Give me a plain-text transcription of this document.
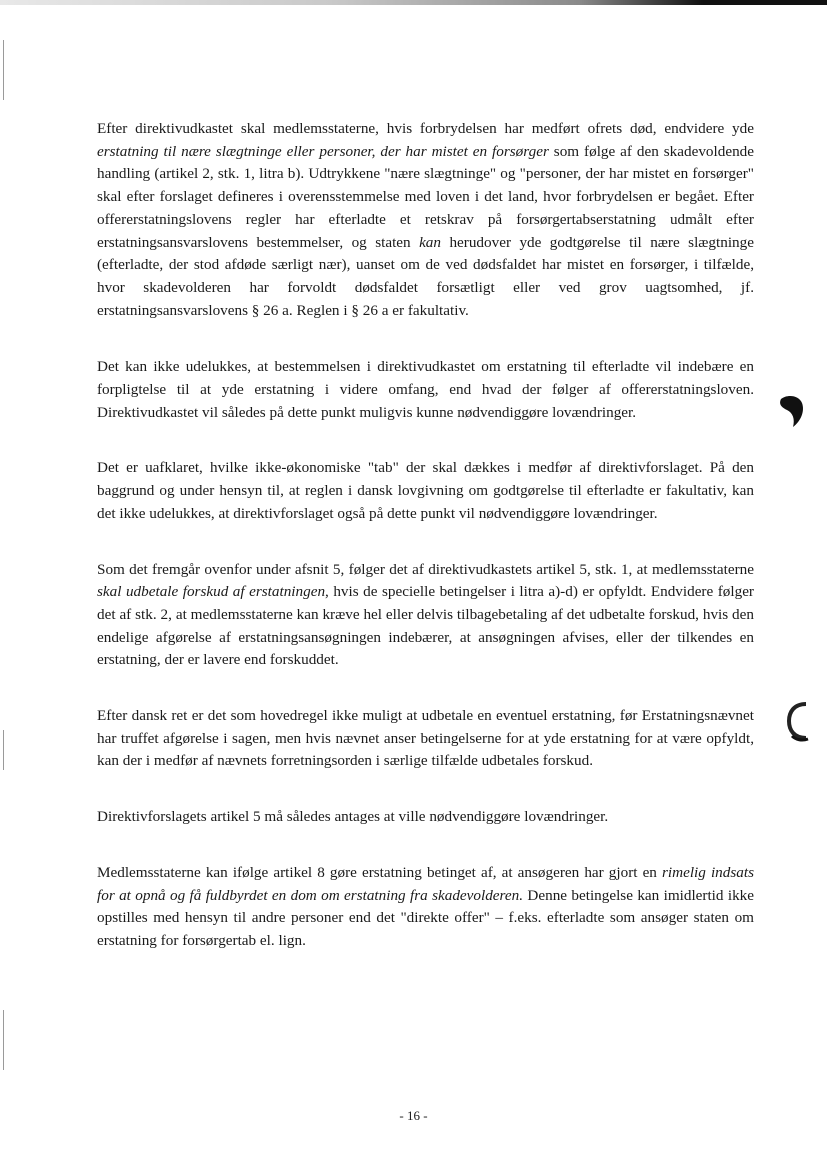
Efter direktivudkastet skal medlemsstaterne, hvis forbrydelsen har medført ofrets død, endvidere yde erstatning til nære slægtninge eller personer, der har mistet en forsørger som følge af den skadevoldende handling (artikel 2, stk. 1, litra b). Udtrykkene "nære slægtninge" og "personer, der har mistet en forsørger" skal efter forslaget defineres i overensstemmelse med loven i det land, hvor forbrydelsen er begået. Efter offererstatningslovens regler har efterladte et retskrav på forsørgertabserstatning udmålt efter erstatningsansvarslovens bestemmelser, og staten kan herudover yde godtgørelse til nære slægtninge (efterladte, der stod afdøde særligt nær), uanset om de ved dødsfaldet har mistet en forsørger, i tilfælde, hvor skadevolderen har forvoldt dødsfaldet forsætligt eller ved grov uagtsomhed, jf. erstatningsansvarslovens § 26 a. Reglen i § 26 a er fakultativ.

Det kan ikke udelukkes, at bestemmelsen i direktivudkastet om erstatning til efterladte vil indebære en forpligtelse til at yde erstatning i videre omfang, end hvad der følger af offererstatningsloven. Direktivudkastet vil således på dette punkt muligvis kunne nødvendiggøre lovændringer.

Det er uafklaret, hvilke ikke-økonomiske "tab" der skal dækkes i medfør af direktivforslaget. På den baggrund og under hensyn til, at reglen i dansk lovgivning om godtgørelse til efterladte er fakultativ, kan det ikke udelukkes, at direktivforslaget også på dette punkt vil nødvendiggøre lovændringer.

Som det fremgår ovenfor under afsnit 5, følger det af direktivudkastets artikel 5, stk. 1, at medlemsstaterne skal udbetale forskud af erstatningen, hvis de specielle betingelser i litra a)-d) er opfyldt. Endvidere følger det af stk. 2, at medlemsstaterne kan kræve hel eller delvis tilbagebetaling af det udbetalte forskud, hvis den endelige afgørelse af erstatningsansøgningen indebærer, at ansøgningen afvises, eller der tilkendes en erstatning, der er lavere end forskuddet.

Efter dansk ret er det som hovedregel ikke muligt at udbetale en eventuel erstatning, før Erstatningsnævnet har truffet afgørelse i sagen, men hvis nævnet anser betingelserne for at yde erstatning for at være opfyldt, kan der i medfør af nævnets forretningsorden i særlige tilfælde udbetales forskud.

Direktivforslagets artikel 5 må således antages at ville nødvendiggøre lovændringer.

Medlemsstaterne kan ifølge artikel 8 gøre erstatning betinget af, at ansøgeren har gjort en rimelig indsats for at opnå og få fuldbyrdet en dom om erstatning fra skadevolderen. Denne betingelse kan imidlertid ikke opstilles med hensyn til andre personer end det "direkte offer" – f.eks. efterladte som ansøger staten om erstatning for forsørgertab el. lign.

- 16 -
